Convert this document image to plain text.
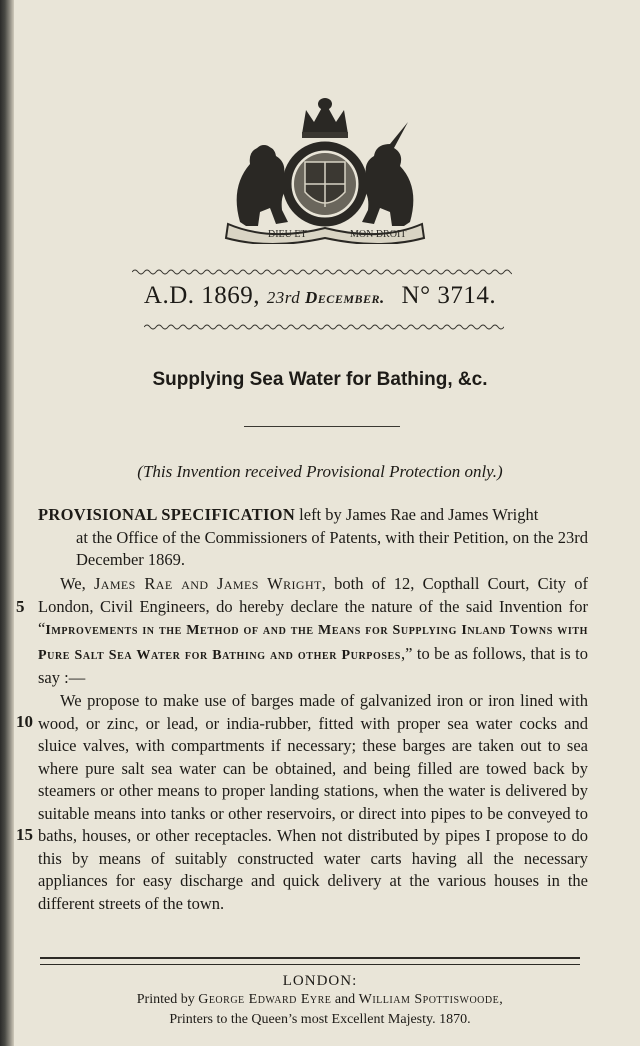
DIEU ET	MON DROIT
A.D. 1869, 23rd December. N° 3714.
Supplying Sea Water for Bathing, &c.
(This Invention received Provisional Protection only.)
PROVISIONAL SPECIFICATION left by James Rae and James Wright
at the Office of the Commissioners of Patents, with their Petition, on the 23rd December 1869.
We, James Rae and James Wright, both of 12, Copthall Court, City of London, Civil Engineers, do hereby declare the nature of the said Invention for “Improvements in the Method of and the Means for Supplying Inland Towns with Pure Salt Sea Water for Bathing and other Purposes,” to be as follows, that is to say :—
We propose to make use of barges made of galvanized iron or iron lined with wood, or zinc, or lead, or india-rubber, fitted with proper sea water cocks and sluice valves, with compartments if necessary; these barges are taken out to sea where pure salt sea water can be obtained, and being filled are towed back by steamers or other means to proper landing stations, when the water is delivered by suitable means into tanks or other reservoirs, or direct into pipes to be conveyed to baths, houses, or other receptacles. When not distributed by pipes I propose to do this by means of suitably constructed water carts having all the necessary appliances for easy discharge and quick delivery at the various houses in the different streets of the town.
5
10
15
LONDON:
Printed by George Edward Eyre and William Spottiswoode,
Printers to the Queen’s most Excellent Majesty. 1870.
